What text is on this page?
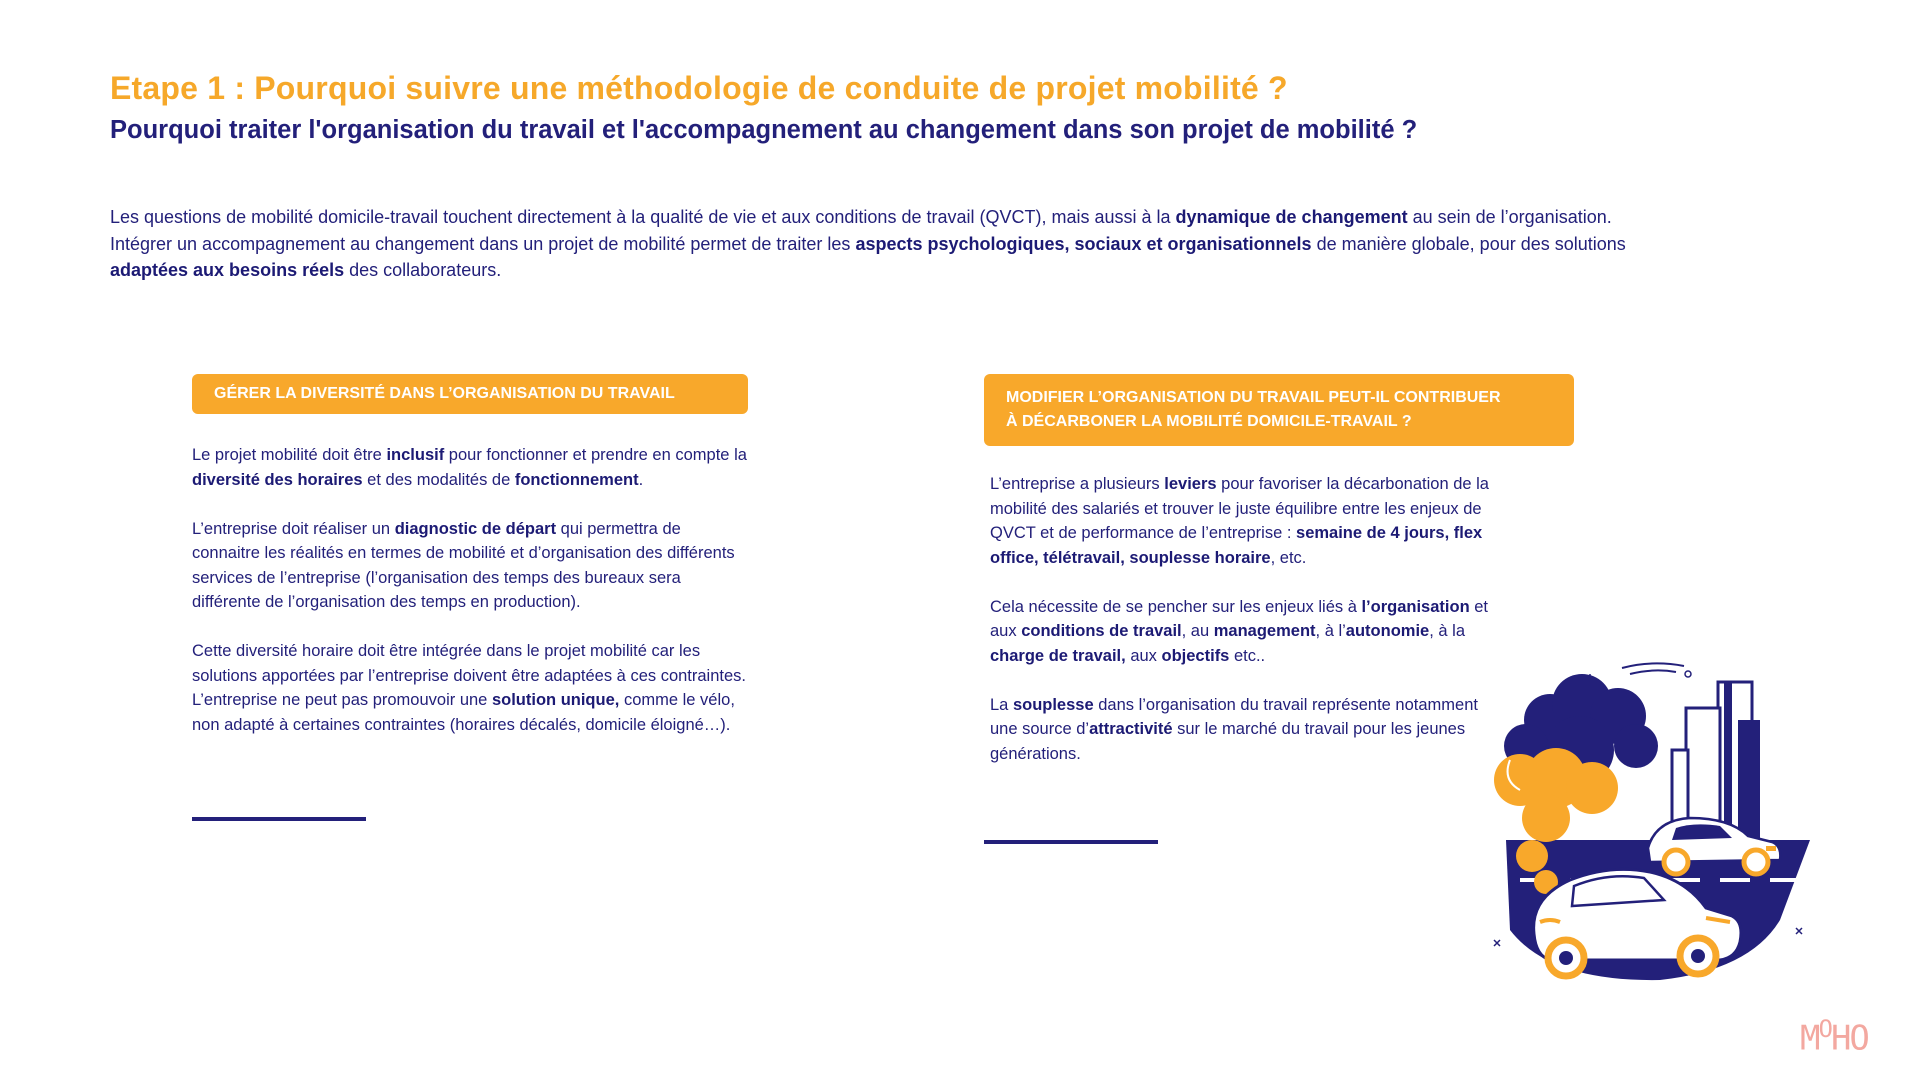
Etape 1 : Pourquoi suivre une méthodologie de conduite de projet mobilité ?
Pourquoi traiter l'organisation du travail et l'accompagnement au changement dans son projet de mobilité ?
Les questions de mobilité domicile-travail touchent directement à la qualité de vie et aux conditions de travail (QVCT), mais aussi à la dynamique de changement au sein de l’organisation.
Intégrer un accompagnement au changement dans un projet de mobilité permet de traiter les aspects psychologiques, sociaux et organisationnels de manière globale, pour des solutions
adaptées aux besoins réels des collaborateurs.
GÉRER LA DIVERSITÉ DANS L’ORGANISATION DU TRAVAIL

Le projet mobilité doit être inclusif pour fonctionner et prendre en compte la diversité des horaires et des modalités de fonctionnement.

L’entreprise doit réaliser un diagnostic de départ qui permettra de connaitre les réalités en termes de mobilité et d’organisation des différents services de l’entreprise (l’organisation des temps des bureaux sera différente de l’organisation des temps en production).

Cette diversité horaire doit être intégrée dans le projet mobilité car les solutions apportées par l’entreprise doivent être adaptées à ces contraintes. L’entreprise ne peut pas promouvoir une solution unique, comme le vélo, non adapté à certaines contraintes (horaires décalés, domicile éloigné…).

MODIFIER L’ORGANISATION DU TRAVAIL PEUT-IL CONTRIBUER
À DÉCARBONER LA MOBILITÉ DOMICILE-TRAVAIL ?

L’entreprise a plusieurs leviers pour favoriser la décarbonation de la mobilité des salariés et trouver le juste équilibre entre les enjeux de QVCT et de performance de l’entreprise : semaine de 4 jours, flex office, télétravail, souplesse horaire, etc.

Cela nécessite de se pencher sur les enjeux liés à l’organisation et aux conditions de travail, au management, à l’autonomie, à la charge de travail, aux objectifs etc..

La souplesse dans l’organisation du travail représente notamment une source d’attractivité sur le marché du travail pour les jeunes générations.

$M^OHO$
